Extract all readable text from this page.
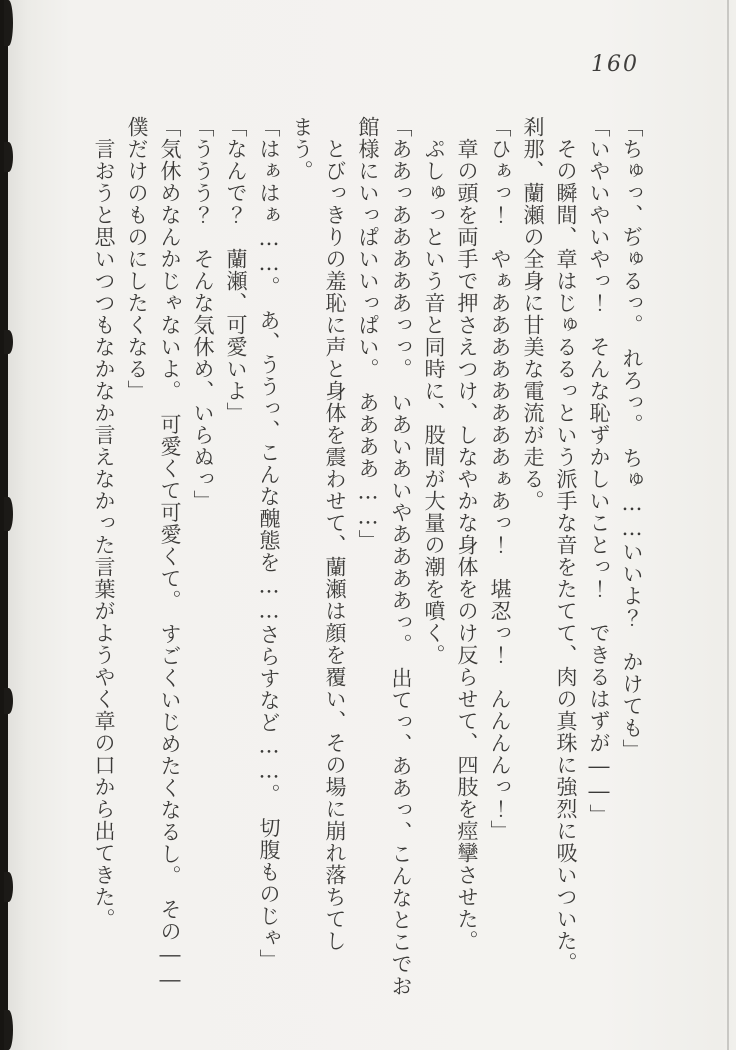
160

「ちゅっ、ぢゅるっ。　れろっ。　ちゅ……いいよ？　かけても」

「いやいやいやっ！　そんな恥ずかしいことっ！　できるはずが――」

　その瞬間、章はじゅるるっという派手な音をたてて、肉の真珠に強烈に吸いついた。

刹那、蘭瀬の全身に甘美な電流が走る。

「ひぁっ！　やぁああああああああぁあっ！　堪忍っ！　んんんんっ！」

　章の頭を両手で押さえつけ、しなやかな身体をのけ反らせて、四肢を痙攣させた。

　ぷしゅっという音と同時に、股間が大量の潮を噴く。

「ああっあああああっっ。　いあいあいやああああっ。　出てっ、ああっ、こんなとこでお

館様にいっぱいいっぱい。　ああああ……」

　とびっきりの羞恥に声と身体を震わせて、蘭瀬は顔を覆い、その場に崩れ落ちてし

まう。

「はぁはぁ……。　あ、ううっ、こんな醜態を……さらすなど……。　切腹ものじゃ」

「なんで？　蘭瀬、可愛いよ」

「ううう？　そんな気休め、いらぬっ」

「気休めなんかじゃないよ。　可愛くて可愛くて。　すごくいじめたくなるし。　その――

僕だけのものにしたくなる」

　言おうと思いつつもなかなか言えなかった言葉がようやく章の口から出てきた。
